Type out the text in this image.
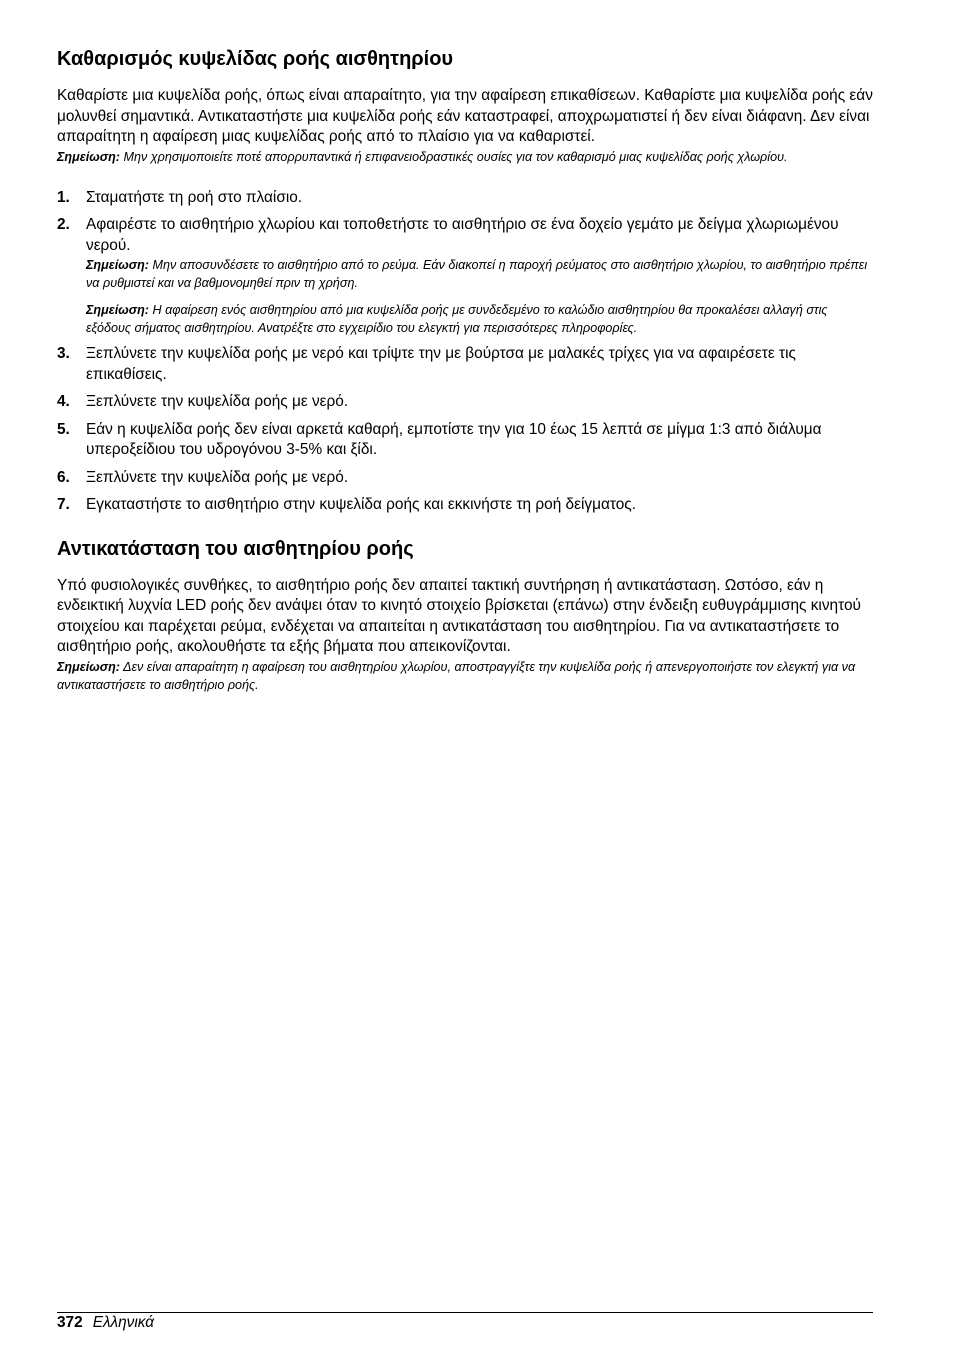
Καθαρισμός κυψελίδας ροής αισθητηρίου

Καθαρίστε μια κυψελίδα ροής, όπως είναι απαραίτητο, για την αφαίρεση επικαθίσεων. Καθαρίστε μια κυψελίδα ροής εάν μολυνθεί σημαντικά. Αντικαταστήστε μια κυψελίδα ροής εάν καταστραφεί, αποχρωματιστεί ή δεν είναι διάφανη. Δεν είναι απαραίτητη η αφαίρεση μιας κυψελίδας ροής από το πλαίσιο για να καθαριστεί.

Σημείωση: Μην χρησιμοποιείτε ποτέ απορρυπαντικά ή επιφανειοδραστικές ουσίες για τον καθαρισμό μιας κυψελίδας ροής χλωρίου.

1.	Σταματήστε τη ροή στο πλαίσιο.
2.	Αφαιρέστε το αισθητήριο χλωρίου και τοποθετήστε το αισθητήριο σε ένα δοχείο γεμάτο με δείγμα χλωριωμένου νερού.

Σημείωση: Μην αποσυνδέσετε το αισθητήριο από το ρεύμα. Εάν διακοπεί η παροχή ρεύματος στο αισθητήριο χλωρίου, το αισθητήριο πρέπει να ρυθμιστεί και να βαθμονομηθεί πριν τη χρήση.

Σημείωση: Η αφαίρεση ενός αισθητηρίου από μια κυψελίδα ροής με συνδεδεμένο το καλώδιο αισθητηρίου θα προκαλέσει αλλαγή στις εξόδους σήματος αισθητηρίου. Ανατρέξτε στο εγχειρίδιο του ελεγκτή για περισσότερες πληροφορίες.

3.	Ξεπλύνετε την κυψελίδα ροής με νερό και τρίψτε την με βούρτσα με μαλακές τρίχες για να αφαιρέσετε τις επικαθίσεις.
4.	Ξεπλύνετε την κυψελίδα ροής με νερό.
5.	Εάν η κυψελίδα ροής δεν είναι αρκετά καθαρή, εμποτίστε την για 10 έως 15 λεπτά σε μίγμα 1:3 από διάλυμα υπεροξείδιου του υδρογόνου 3-5% και ξίδι.
6.	Ξεπλύνετε την κυψελίδα ροής με νερό.
7.	Εγκαταστήστε το αισθητήριο στην κυψελίδα ροής και εκκινήστε τη ροή δείγματος.
Αντικατάσταση του αισθητηρίου ροής

Υπό φυσιολογικές συνθήκες, το αισθητήριο ροής δεν απαιτεί τακτική συντήρηση ή αντικατάσταση. Ωστόσο, εάν η ενδεικτική λυχνία LED ροής δεν ανάψει όταν το κινητό στοιχείο βρίσκεται (επάνω) στην ένδειξη ευθυγράμμισης κινητού στοιχείου και παρέχεται ρεύμα, ενδέχεται να απαιτείται η αντικατάσταση του αισθητηρίου. Για να αντικαταστήσετε το αισθητήριο ροής, ακολουθήστε τα εξής βήματα που απεικονίζονται.

Σημείωση: Δεν είναι απαραίτητη η αφαίρεση του αισθητηρίου χλωρίου, αποστραγγίξτε την κυψελίδα ροής ή απενεργοποιήστε τον ελεγκτή για να αντικαταστήσετε το αισθητήριο ροής.

372 Ελληνικά
